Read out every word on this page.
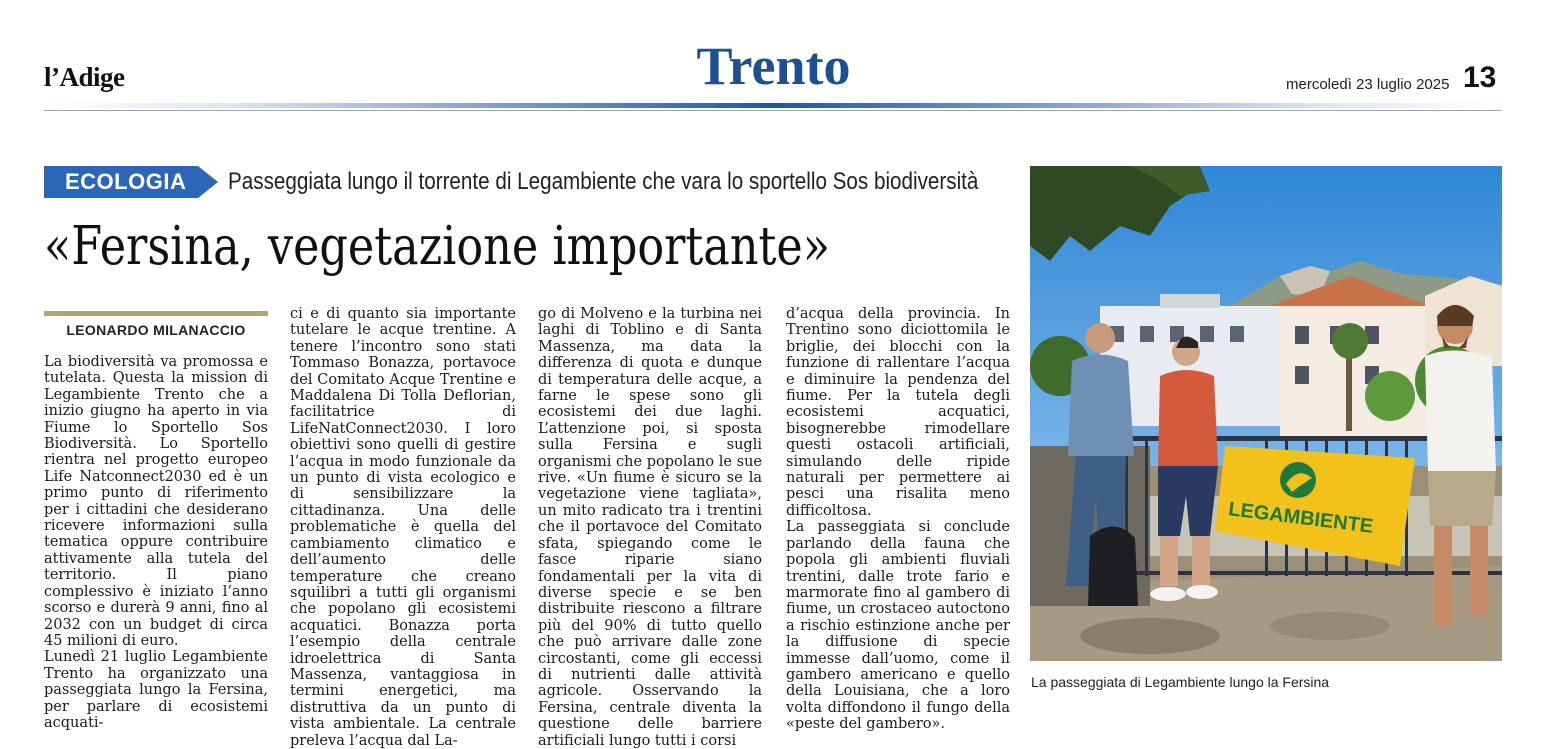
l’Adige	Trento	mercoledì 23 luglio 2025 13
ECOLOGIA	Passeggiata lungo il torrente di Legambiente che vara lo sportello Sos biodiversità
«Fersina, vegetazione importante»
LEONARDO MILANACCIO

La biodiversità va promossa e tutelata. Questa la mission di Legambiente Trento che a inizio giugno ha aperto in via Fiume lo Sportello Sos Biodiversità. Lo Sportello rientra nel progetto europeo Life Natconnect2030 ed è un primo punto di riferimento per i cittadini che desiderano ricevere informazioni sulla tematica oppure contribuire attivamente alla tutela del territorio. Il piano complessivo è iniziato l’anno scorso e durerà 9 anni, fino al 2032 con un budget di circa 45 milioni di euro.

Lunedì 21 luglio Legambiente Trento ha organizzato una passeggiata lungo la Fersina, per parlare di ecosistemi acquati-

ci e di quanto sia importante tutelare le acque trentine. A tenere l’incontro sono stati Tommaso Bonazza, portavoce del Comitato Acque Trentine e Maddalena Di Tolla Deflorian, facilitatrice di LifeNatConnect2030. I loro obiettivi sono quelli di gestire l’acqua in modo funzionale da un punto di vista ecologico e di sensibilizzare la cittadinanza. Una delle problematiche è quella del cambiamento climatico e dell’aumento delle temperature che creano squilibri a tutti gli organismi che popolano gli ecosistemi acquatici. Bonazza porta l’esempio della centrale idroelettrica di Santa Massenza, vantaggiosa in termini energetici, ma distruttiva da un punto di vista ambientale. La centrale preleva l’acqua dal La-

go di Molveno e la turbina nei laghi di Toblino e di Santa Massenza, ma data la differenza di quota e dunque di temperatura delle acque, a farne le spese sono gli ecosistemi dei due laghi. L’attenzione poi, si sposta sulla Fersina e sugli organismi che popolano le sue rive. «Un fiume è sicuro se la vegetazione viene tagliata», un mito radicato tra i trentini che il portavoce del Comitato sfata, spiegando come le fasce riparie siano fondamentali per la vita di diverse specie e se ben distribuite riescono a filtrare più del 90% di tutto quello che può arrivare dalle zone circostanti, come gli eccessi di nutrienti dalle attività agricole. Osservando la Fersina, centrale diventa la questione delle barriere artificiali lungo tutti i corsi

d’acqua della provincia. In Trentino sono diciottomila le briglie, dei blocchi con la funzione di rallentare l’acqua e diminuire la pendenza del fiume. Per la tutela degli ecosistemi acquatici, bisognerebbe rimodellare questi ostacoli artificiali, simulando delle ripide naturali per permettere ai pesci una risalita meno difficoltosa.

La passeggiata si conclude parlando della fauna che popola gli ambienti fluviali trentini, dalle trote fario e marmorate fino al gambero di fiume, un crostaceo autoctono a rischio estinzione anche per la diffusione di specie immesse dall’uomo, come il gambero americano e quello della Louisiana, che a loro volta diffondono il fungo della «peste del gambero».

LEGAMBIENTE
La passeggiata di Legambiente lungo la Fersina
